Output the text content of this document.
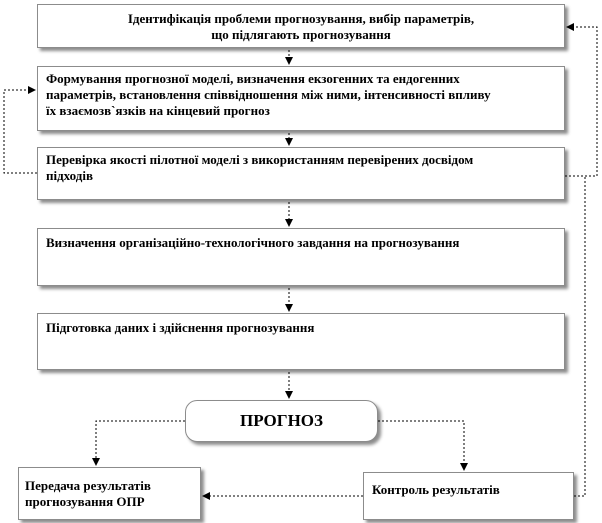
Ідентифікація проблеми прогнозування, вибір параметрів,
що підлягають прогнозування
Формування прогнозної моделі, визначення екзогенних та ендогенних
параметрів, встановлення співвідношення між ними, інтенсивності впливу
їх взаємозв`язків на кінцевий прогноз
Перевірка якості пілотної моделі з використанням перевірених досвідом
підходів
Визначення організаційно-технологічного завдання на прогнозування
Підготовка даних і здійснення прогнозування
ПРОГНОЗ
Передача результатів
прогнозування ОПР
Контроль результатів
